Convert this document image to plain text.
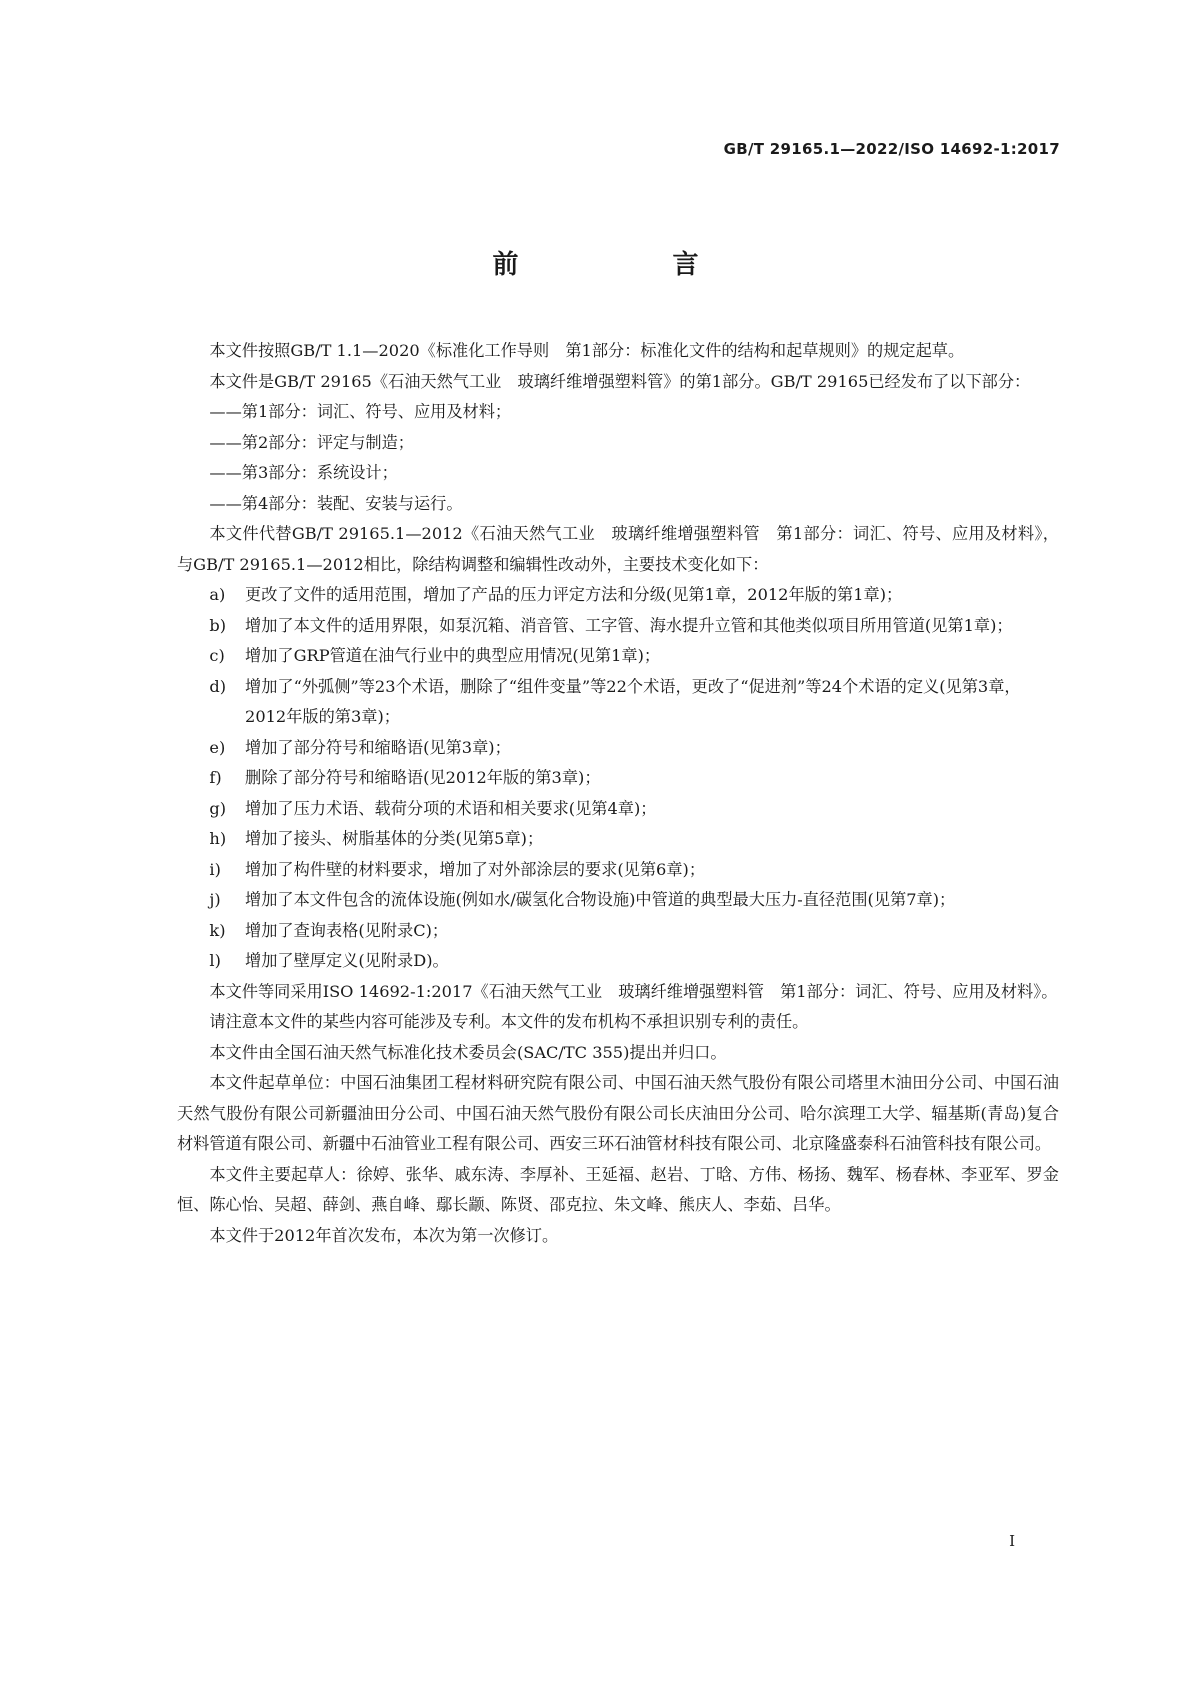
GB/T 29165.1—2022/ISO 14692-1:2017
前　言

本文件按照GB/T 1.1—2020《标准化工作导则　第1部分：标准化文件的结构和起草规则》的规定起草。

本文件是GB/T 29165《石油天然气工业　玻璃纤维增强塑料管》的第1部分。GB/T 29165已经发布了以下部分：

——第1部分：词汇、符号、应用及材料；

——第2部分：评定与制造；

——第3部分：系统设计；

——第4部分：装配、安装与运行。

本文件代替GB/T 29165.1—2012《石油天然气工业　玻璃纤维增强塑料管　第1部分：词汇、符号、应用及材料》，与GB/T 29165.1—2012相比，除结构调整和编辑性改动外，主要技术变化如下：

a) 更改了文件的适用范围，增加了产品的压力评定方法和分级(见第1章，2012年版的第1章)；

b) 增加了本文件的适用界限，如泵沉箱、消音管、工字管、海水提升立管和其他类似项目所用管道(见第1章)；

c) 增加了GRP管道在油气行业中的典型应用情况(见第1章)；

d) 增加了“外弧侧”等23个术语，删除了“组件变量”等22个术语，更改了“促进剂”等24个术语的定义(见第3章，2012年版的第3章)；

e) 增加了部分符号和缩略语(见第3章)；

f) 删除了部分符号和缩略语(见2012年版的第3章)；

g) 增加了压力术语、载荷分项的术语和相关要求(见第4章)；

h) 增加了接头、树脂基体的分类(见第5章)；

i) 增加了构件壁的材料要求，增加了对外部涂层的要求(见第6章)；

j) 增加了本文件包含的流体设施(例如水/碳氢化合物设施)中管道的典型最大压力-直径范围(见第7章)；

k) 增加了查询表格(见附录C)；

l) 增加了壁厚定义(见附录D)。

本文件等同采用ISO 14692-1:2017《石油天然气工业　玻璃纤维增强塑料管　第1部分：词汇、符号、应用及材料》。

请注意本文件的某些内容可能涉及专利。本文件的发布机构不承担识别专利的责任。

本文件由全国石油天然气标准化技术委员会(SAC/TC 355)提出并归口。

本文件起草单位：中国石油集团工程材料研究院有限公司、中国石油天然气股份有限公司塔里木油田分公司、中国石油天然气股份有限公司新疆油田分公司、中国石油天然气股份有限公司长庆油田分公司、哈尔滨理工大学、辐基斯(青岛)复合材料管道有限公司、新疆中石油管业工程有限公司、西安三环石油管材科技有限公司、北京隆盛泰科石油管科技有限公司。

本文件主要起草人：徐婷、张华、戚东涛、李厚补、王延福、赵岩、丁晗、方伟、杨扬、魏军、杨春林、李亚军、罗金恒、陈心怡、吴超、薛剑、燕自峰、鄢长颛、陈贤、邵克拉、朱文峰、熊庆人、李茹、吕华。

本文件于2012年首次发布，本次为第一次修订。

I
